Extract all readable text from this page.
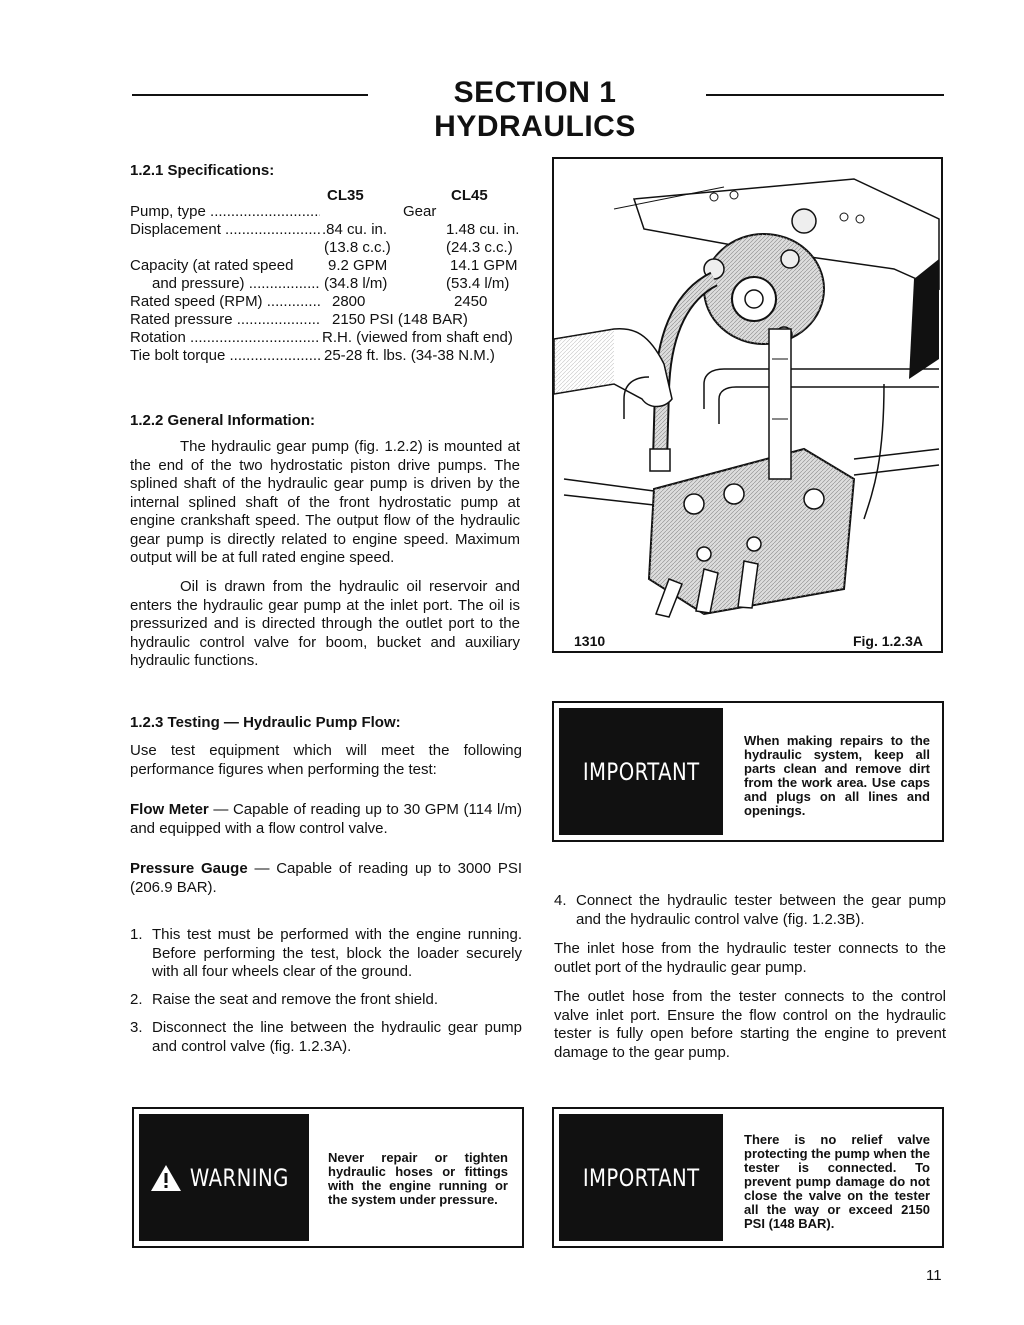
SECTION 1 HYDRAULICS
1.2.1 Specifications:
CL35	CL45
Pump, type .....	Gear
Displacement .....	.84 cu. in.	1.48 cu. in.
(13.8 c.c.)	(24.3 c.c.)
Capacity (at rated speed	9.2 GPM	14.1 GPM
and pressure) .....	(34.8 l/m)	(53.4 l/m)
Rated speed (RPM) .....	2800	2450
Rated pressure .....	2150 PSI (148 BAR)
Rotation .....	R.H. (viewed from shaft end)
Tie bolt torque .....	25-28 ft. lbs. (34-38 N.M.)
1.2.2 General Information:
The hydraulic gear pump (fig. 1.2.2) is mounted at the end of the two hydrostatic piston drive pumps. The splined shaft of the hydraulic gear pump is driven by the internal splined shaft of the front hydrostatic pump at engine crankshaft speed. The output flow of the hydraulic gear pump is directly related to engine speed. Maximum output will be at full rated engine speed.
Oil is drawn from the hydraulic oil reservoir and enters the hydraulic gear pump at the inlet port. The oil is pressurized and is directed through the outlet port to the hydraulic control valve for boom, bucket and auxiliary hydraulic functions.
1310	Fig. 1.2.3A
1.2.3 Testing — Hydraulic Pump Flow:
Use test equipment which will meet the following performance figures when performing the test:
Flow Meter — Capable of reading up to 30 GPM (114 l/m) and equipped with a flow control valve.
Pressure Gauge — Capable of reading up to 3000 PSI (206.9 BAR).
1. This test must be performed with the engine running. Before performing the test, block the loader securely with all four wheels clear of the ground.
2. Raise the seat and remove the front shield.
3. Disconnect the line between the hydraulic gear pump and control valve (fig. 1.2.3A).
IMPORTANT
When making repairs to the hydraulic system, keep all parts clean and remove dirt from the work area. Use caps and plugs on all lines and openings.
4. Connect the hydraulic tester between the gear pump and the hydraulic control valve (fig. 1.2.3B).
The inlet hose from the hydraulic tester connects to the outlet port of the hydraulic gear pump.
The outlet hose from the tester connects to the control valve inlet port. Ensure the flow control on the hydraulic tester is fully open before starting the engine to prevent damage to the gear pump.
WARNING
Never repair or tighten hydraulic hoses or fittings with the engine running or the system under pressure.
IMPORTANT
There is no relief valve protecting the pump when the tester is connected. To prevent pump damage do not close the valve on the tester all the way or exceed 2150 PSI (148 BAR).
11
